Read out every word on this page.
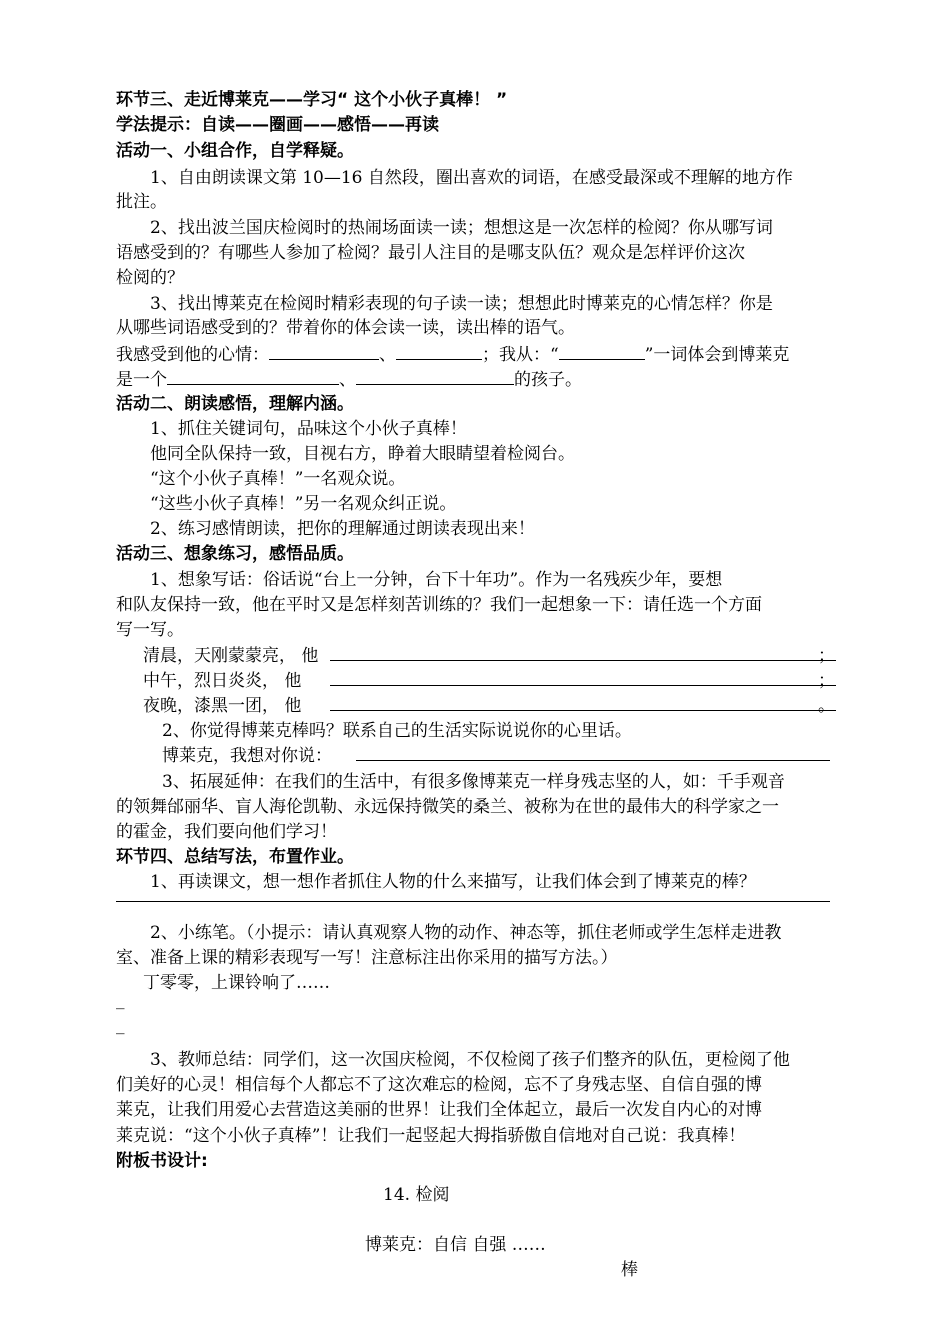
环节三、走近博莱克——学习“ 这个小伙子真棒！ ”
学法提示：自读——圈画——感悟——再读
活动一、小组合作，自学释疑。
1、自由朗读课文第 10—16 自然段，圈出喜欢的词语，在感受最深或不理解的地方作
批注。
2、找出波兰国庆检阅时的热闹场面读一读；想想这是一次怎样的检阅？你从哪写词
语感受到的？有哪些人参加了检阅？最引人注目的是哪支队伍？观众是怎样评价这次
检阅的？
3、找出博莱克在检阅时精彩表现的句子读一读；想想此时博莱克的心情怎样？你是
从哪些词语感受到的？带着你的体会读一读，读出棒的语气。
我感受到他的心情：	、	；我从：“	”一词体会到博莱克
是一个	、	的孩子。
活动二、朗读感悟，理解内涵。
1、抓住关键词句，品味这个小伙子真棒！
他同全队保持一致，目视右方，睁着大眼睛望着检阅台。
“这个小伙子真棒！”一名观众说。
“这些小伙子真棒！”另一名观众纠正说。
2、练习感情朗读，把你的理解通过朗读表现出来！
活动三、想象练习，感悟品质。
1、想象写话：俗话说“台上一分钟，台下十年功”。作为一名残疾少年，要想
和队友保持一致，他在平时又是怎样刻苦训练的？我们一起想象一下：请任选一个方面
写一写。
清晨，天刚蒙蒙亮， 他	；
中午，烈日炎炎， 他	；
夜晚，漆黑一团， 他	。
2、你觉得博莱克棒吗？联系自己的生活实际说说你的心里话。
博莱克，我想对你说：
3、拓展延伸：在我们的生活中，有很多像博莱克一样身残志坚的人，如：千手观音
的领舞邰丽华、盲人海伦凯勒、永远保持微笑的桑兰、被称为在世的最伟大的科学家之一
的霍金，我们要向他们学习！
环节四、总结写法，布置作业。
1、再读课文，想一想作者抓住人物的什么来描写，让我们体会到了博莱克的棒？
2、小练笔。（小提示：请认真观察人物的动作、神态等，抓住老师或学生怎样走进教
室、准备上课的精彩表现写一写！注意标注出你采用的描写方法。）
丁零零，上课铃响了……
_
_
3、教师总结：同学们，这一次国庆检阅，不仅检阅了孩子们整齐的队伍，更检阅了他
们美好的心灵！相信每个人都忘不了这次难忘的检阅，忘不了身残志坚、自信自强的博
莱克，让我们用爱心去营造这美丽的世界！让我们全体起立，最后一次发自内心的对博
莱克说：“这个小伙子真棒”！让我们一起竖起大拇指骄傲自信地对自己说：我真棒！
附板书设计:
14. 检阅
博莱克：自信 自强 ……
棒
